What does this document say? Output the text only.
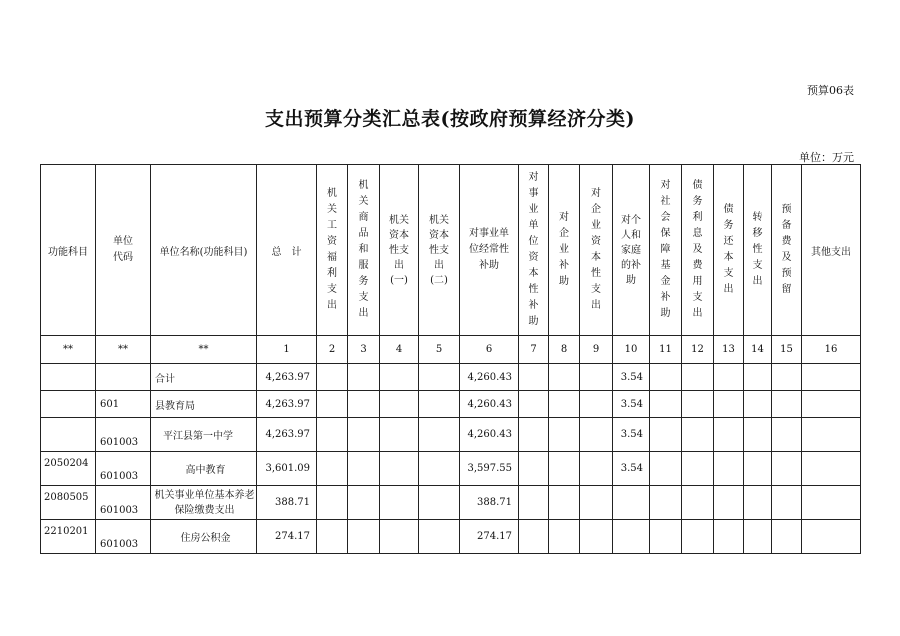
预算06表
支出预算分类汇总表(按政府预算经济分类)
单位：万元
功能科目	单位代码	单位名称(功能科目)	总　计	机关工资福利支出	机关商品和服务支出	机关资本性支出(一)	机关资本性支出(二)	对事业单位经常性补助	对事业单位资本性补助	对企业补助	对企业资本性支出	对个人和家庭的补助	对社会保障基金补助	债务利息及费用支出	债务还本支出	转移性支出	预备费及预留	其他支出
**	**	**	1	2	3	4	5	6	7	8	9	10	11	12	13	14	15	16
		合计	4,263.97					4,260.43				3.54						
	601	县教育局	4,263.97					4,260.43				3.54						
	601003	平江县第一中学	4,263.97					4,260.43				3.54						
2050204	601003	高中教育	3,601.09					3,597.55				3.54						
2080505	601003	机关事业单位基本养老保险缴费支出	388.71					388.71										
2210201	601003	住房公积金	274.17					274.17										
